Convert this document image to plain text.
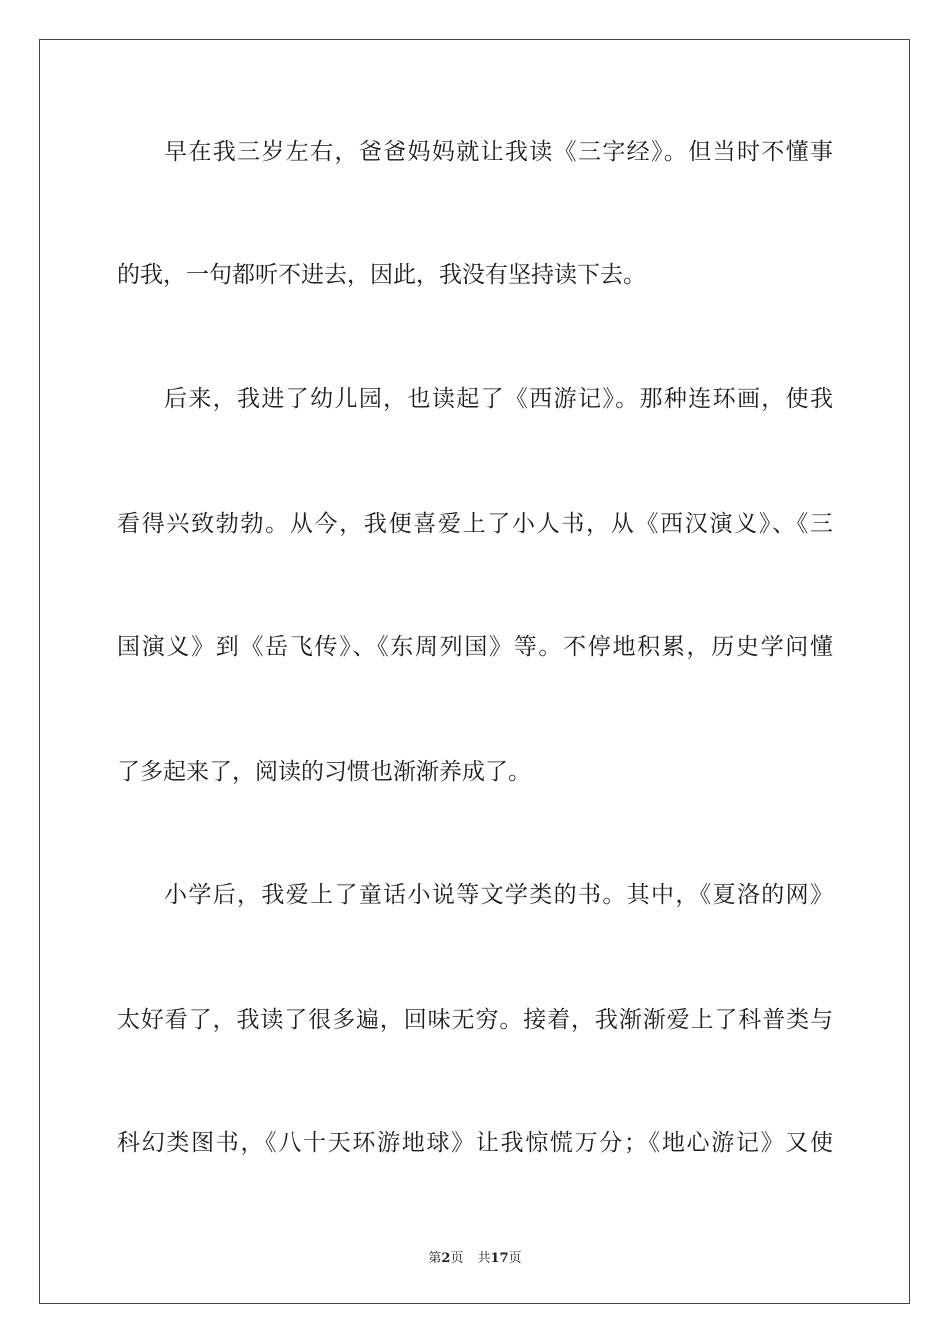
早在我三岁左右，爸爸妈妈就让我读《三字经》。但当时不懂事

的我，一句都听不进去，因此，我没有坚持读下去。

后来，我进了幼儿园，也读起了《西游记》。那种连环画，使我

看得兴致勃勃。从今，我便喜爱上了小人书，从《西汉演义》、《三

国演义》到《岳飞传》、《东周列国》等。不停地积累，历史学问懂

了多起来了，阅读的习惯也渐渐养成了。

小学后，我爱上了童话小说等文学类的书。其中，《夏洛的网》

太好看了，我读了很多遍，回味无穷。接着，我渐渐爱上了科普类与

科幻类图书，《八十天环游地球》让我惊慌万分；《地心游记》又使

第2页 共17页
